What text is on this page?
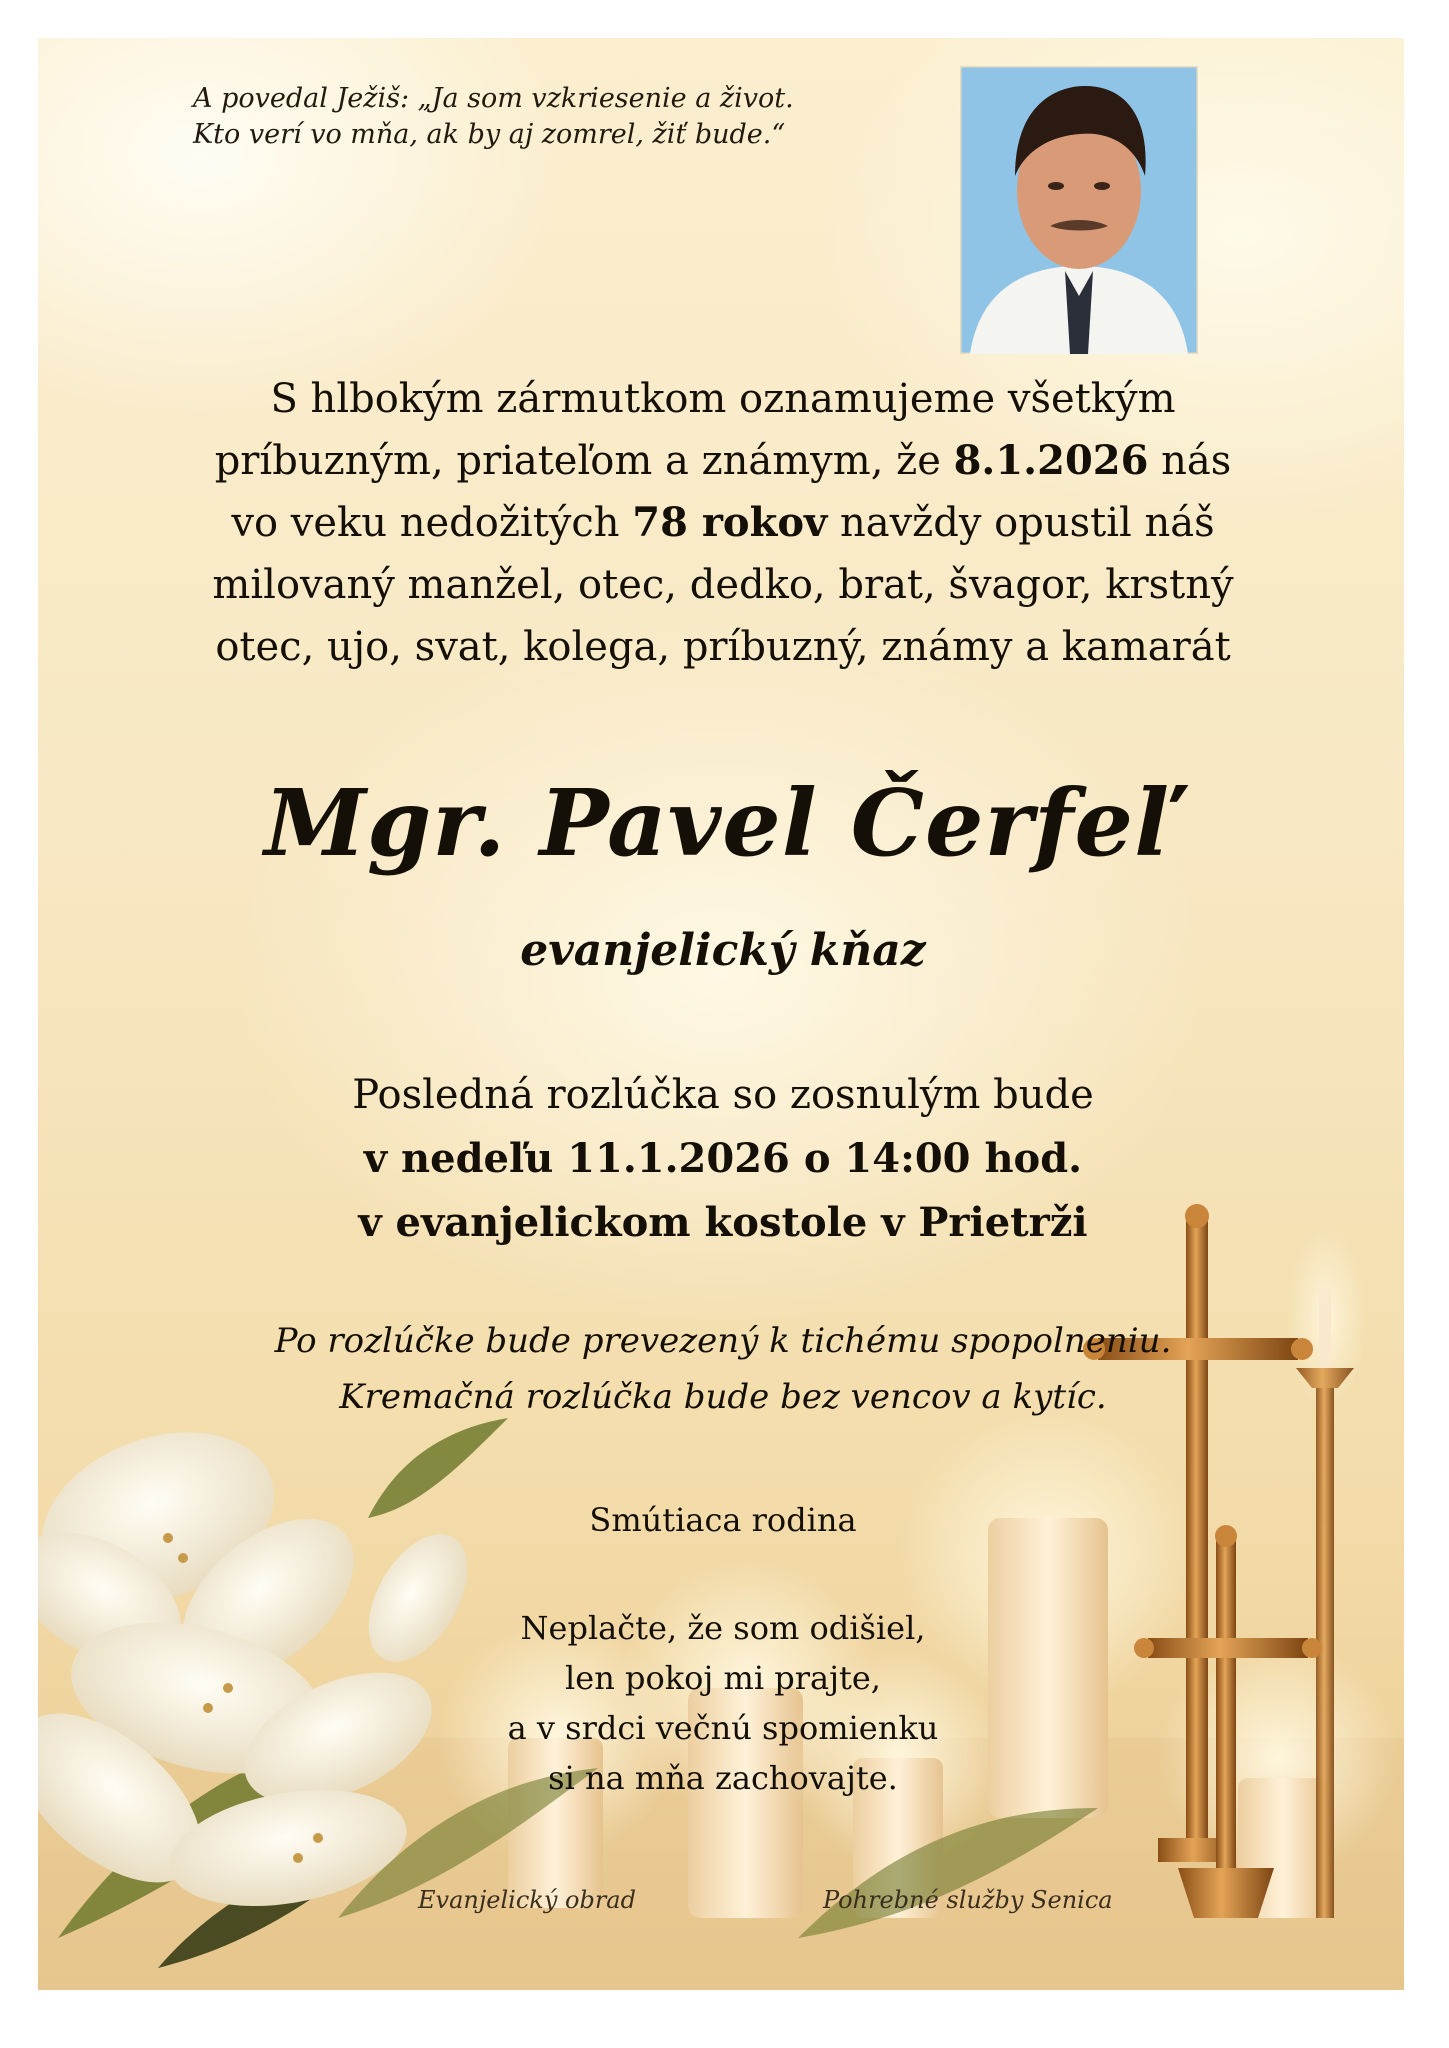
A povedal Ježiš: „Ja som vzkriesenie a život.
Kto verí vo mňa, ak by aj zomrel, žiť bude.“
S hlbokým zármutkom oznamujeme všetkým
príbuzným, priateľom a známym, že 8.1.2026 nás
vo veku nedožitých 78 rokov navždy opustil náš
milovaný manžel, otec, dedko, brat, švagor, krstný
otec, ujo, svat, kolega, príbuzný, známy a kamarát
Mgr. Pavel Čerfeľ
evanjelický kňaz
Posledná rozlúčka so zosnulým bude
v nedeľu 11.1.2026 o 14:00 hod.
v evanjelickom kostole v Prietrži
Po rozlúčke bude prevezený k tichému spopolneniu.
Kremačná rozlúčka bude bez vencov a kytíc.
Smútiaca rodina
Neplačte, že som odišiel,
len pokoj mi prajte,
a v srdci večnú spomienku
si na mňa zachovajte.
Evanjelický obrad	Pohrebné služby Senica
